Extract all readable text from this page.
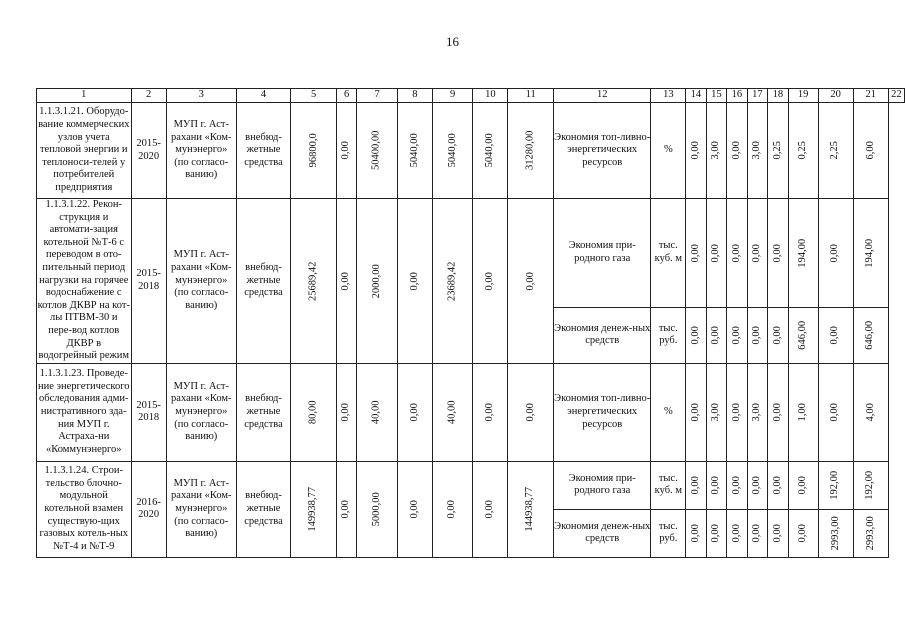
16
1	2	3	4	5	6	7	8	9	10	11	12	13	14	15	16	17	18	19	20	21	22
1.1.3.1.21. Оборудо-вание коммерческих узлов учета тепловой энергии и теплоноси-телей у потребителей предприятия	2015-2020	МУП г. Аст-рахани «Ком-мунэнерго» (по согласо-ванию)	внебюд-жетные средства	96800,0	0,00	50400,00	5040,00	5040,00	5040,00	31280,00	Экономия топ-ливно-энергетических ресурсов	%	0,00	3,00	0,00	3,00	0,25	0,25	2,25	6,00	
1.1.3.1.22. Рекон-струкция и автомати-зация котельной №Т-6 с переводом в ото-пительный период нагрузки на горячее водоснабжение с котлов ДКВР на кот-лы ПТВМ-30 и пере-вод котлов ДКВР в водогрейный режим	2015-2018	МУП г. Аст-рахани «Ком-мунэнерго» (по согласо-ванию)	внебюд-жетные средства	25689,42	0,00	2000,00	0,00	23689,42	0,00	0,00	Экономия при-родного газа	тыс. куб. м	0,00	0,00	0,00	0,00	0,00	194,00	0,00	194,00	
											Экономия денеж-ных средств	тыс. руб.	0,00	0,00	0,00	0,00	0,00	646,00	0,00	646,00	
1.1.3.1.23. Проведе-ние энергетического обследования адми-нистративного зда-ния МУП г. Астраха-ни «Коммунэнерго»	2015-2018	МУП г. Аст-рахани «Ком-мунэнерго» (по согласо-ванию)	внебюд-жетные средства	80,00	0,00	40,00	0,00	40,00	0,00	0,00	Экономия топ-ливно-энергетических ресурсов	%	0,00	3,00	0,00	3,00	0,00	1,00	0,00	4,00	
1.1.3.1.24. Строи-тельство блочно-модульной котельной взамен существую-щих газовых котель-ных №Т-4 и №Т-9	2016-2020	МУП г. Аст-рахани «Ком-мунэнерго» (по согласо-ванию)	внебюд-жетные средства	149938,77	0,00	5000,00	0,00	0,00	0,00	144938,77	Экономия при-родного газа	тыс. куб. м	0,00	0,00	0,00	0,00	0,00	0,00	192,00	192,00	
											Экономия денеж-ных средств	тыс. руб.	0,00	0,00	0,00	0,00	0,00	0,00	2993,00	2993,00	
